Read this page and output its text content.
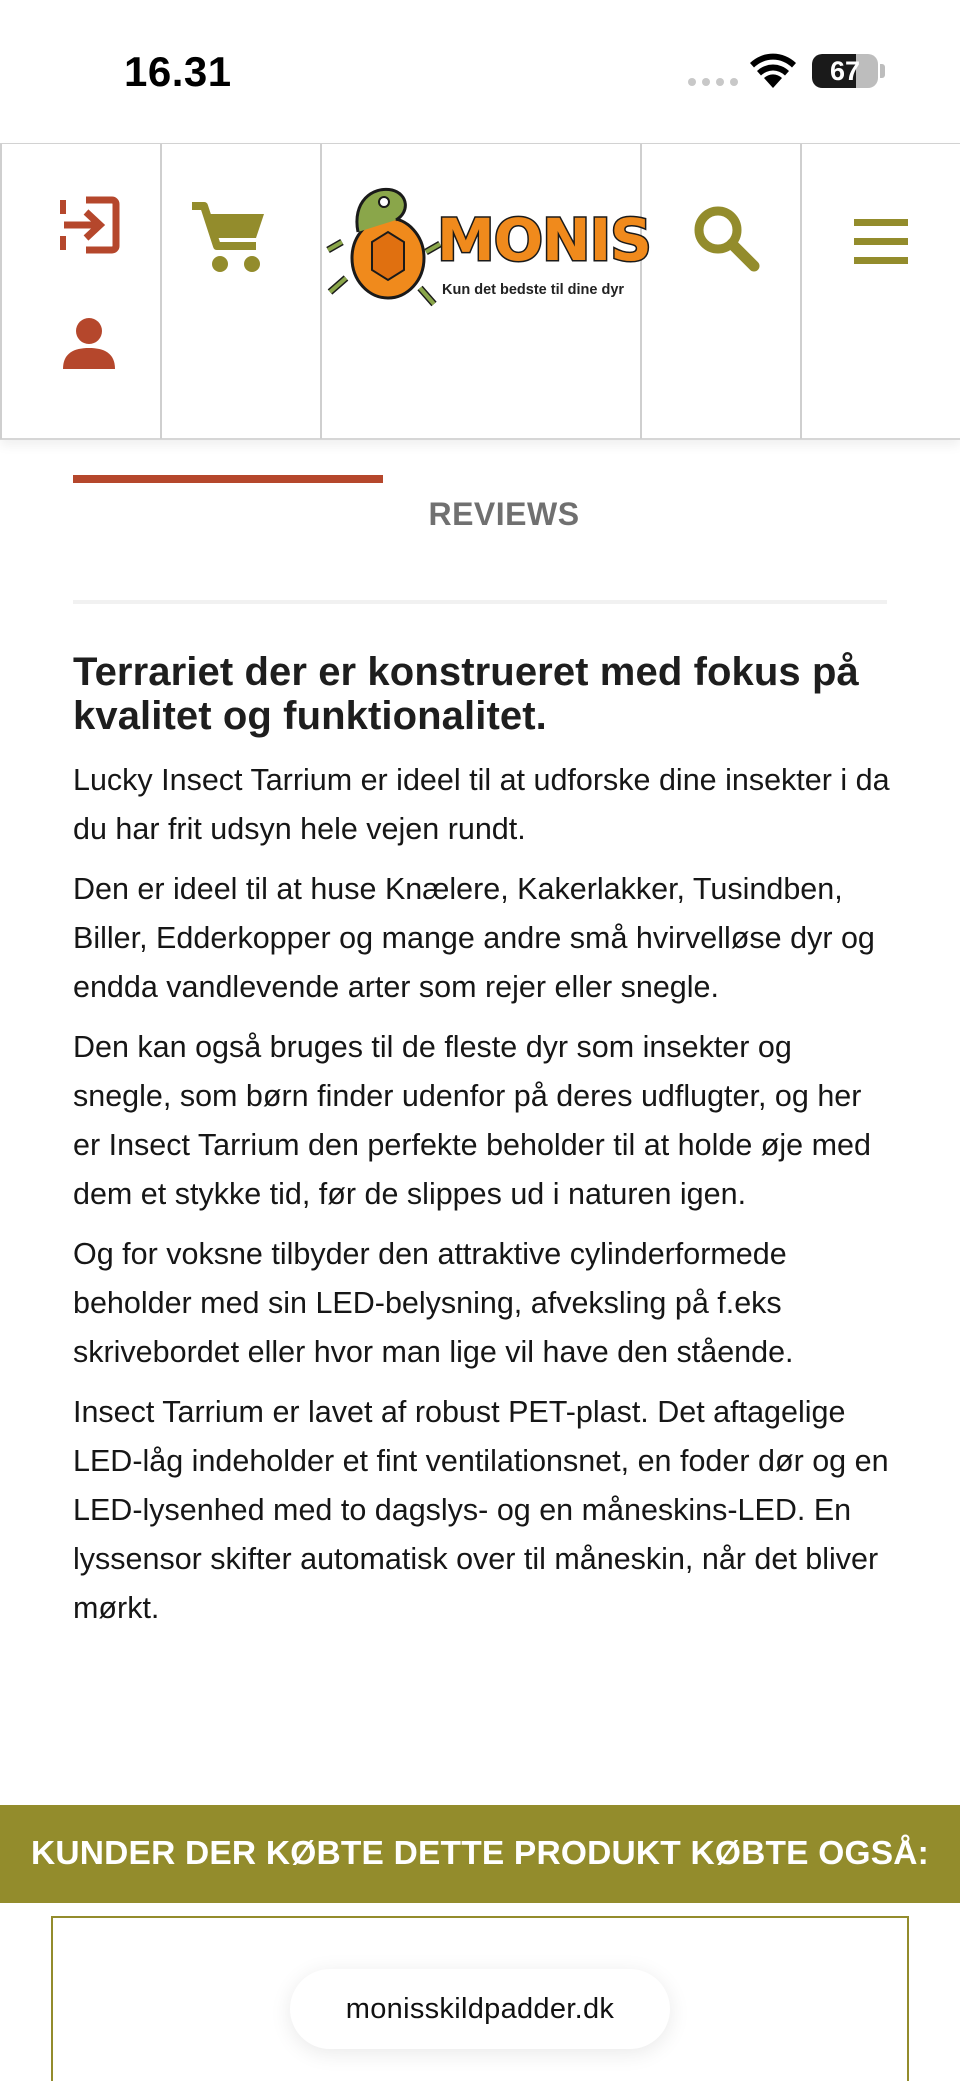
16.31	67
MONIS
Kun det bedste til dine dyr
REVIEWS
Terrariet der er konstrueret med fokus på kvalitet og funktionalitet.

Lucky Insect Tarrium er ideel til at udforske dine insekter i da du har frit udsyn hele vejen rundt.

Den er ideel til at huse Knælere, Kakerlakker, Tusindben, Biller, Edderkopper og mange andre små hvirvelløse dyr og endda vandlevende arter som rejer eller snegle.

Den kan også bruges til de fleste dyr som insekter og snegle, som børn finder udenfor på deres udflugter, og her er Insect Tarrium den perfekte beholder til at holde øje med dem et stykke tid, før de slippes ud i naturen igen.

Og for voksne tilbyder den attraktive cylinderformede beholder med sin LED-belysning, afveksling på f.eks skrivebordet eller hvor man lige vil have den stående.

Insect Tarrium er lavet af robust PET-plast. Det aftagelige LED-låg indeholder et fint ventilationsnet, en foder dør og en LED-lysenhed med to dagslys- og en måneskins-LED. En lyssensor skifter automatisk over til måneskin, når det bliver mørkt.

KUNDER DER KØBTE DETTE PRODUKT KØBTE OGSÅ:
monisskildpadder.dk
